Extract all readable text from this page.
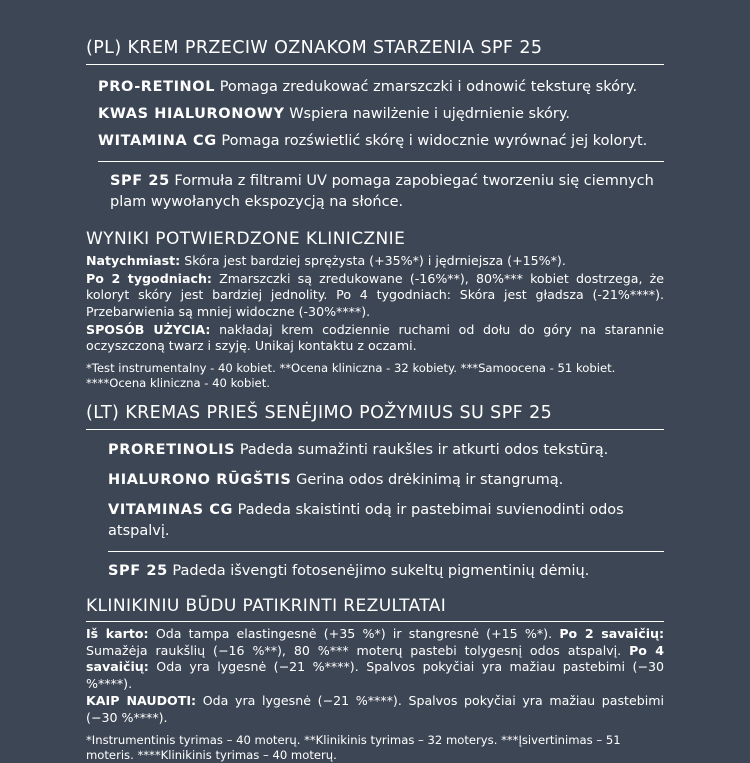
(PL) KREM PRZECIW OZNAKOM STARZENIA SPF 25
PRO-RETINOL Pomaga zredukować zmarszczki i odnowić teksturę skóry.
KWAS HIALURONOWY Wspiera nawilżenie i ujędrnienie skóry.
WITAMINA CG Pomaga rozświetlić skórę i widocznie wyrównać jej koloryt.
SPF 25 Formuła z filtrami UV pomaga zapobiegać tworzeniu się ciemnych plam wywołanych ekspozycją na słońce.
WYNIKI POTWIERDZONE KLINICZNIE

Natychmiast: Skóra jest bardziej sprężysta (+35%*) i jędrniejsza (+15%*).

Po 2 tygodniach: Zmarszczki są zredukowane (-16%**), 80%*** kobiet dostrzega, że koloryt skóry jest bardziej jednolity. Po 4 tygodniach: Skóra jest gładsza (-21%****). Przebarwienia są mniej widoczne (-30%****).

SPOSÓB UŻYCIA: nakładaj krem codziennie ruchami od dołu do góry na starannie oczyszczoną twarz i szyję. Unikaj kontaktu z oczami.

*Test instrumentalny - 40 kobiet. **Ocena kliniczna - 32 kobiety. ***Samoocena - 51 kobiet. ****Ocena kliniczna - 40 kobiet.
(LT) KREMAS PRIEŠ SENĖJIMO POŽYMIUS SU SPF 25
PRORETINOLIS Padeda sumažinti raukšles ir atkurti odos tekstūrą.
HIALURONO RŪGŠTIS Gerina odos drėkinimą ir stangrumą.
VITAMINAS CG Padeda skaistinti odą ir pastebimai suvienodinti odos atspalvį.
SPF 25 Padeda išvengti fotosenėjimo sukeltų pigmentinių dėmių.
KLINIKINIU BŪDU PATIKRINTI REZULTATAI

Iš karto: Oda tampa elastingesnė (+35 %*) ir stangresnė (+15 %*). Po 2 savaičių: Sumažėja raukšlių (−16 %**), 80 %*** moterų pastebi tolygesnį odos atspalvį. Po 4 savaičių: Oda yra lygesnė (−21 %****). Spalvos pokyčiai yra mažiau pastebimi (−30 %****).

KAIP NAUDOTI: Oda yra lygesnė (−21 %****). Spalvos pokyčiai yra mažiau pastebimi (−30 %****).

*Instrumentinis tyrimas – 40 moterų. **Klinikinis tyrimas – 32 moterys. ***Įsivertinimas – 51 moteris. ****Klinikinis tyrimas – 40 moterų.
